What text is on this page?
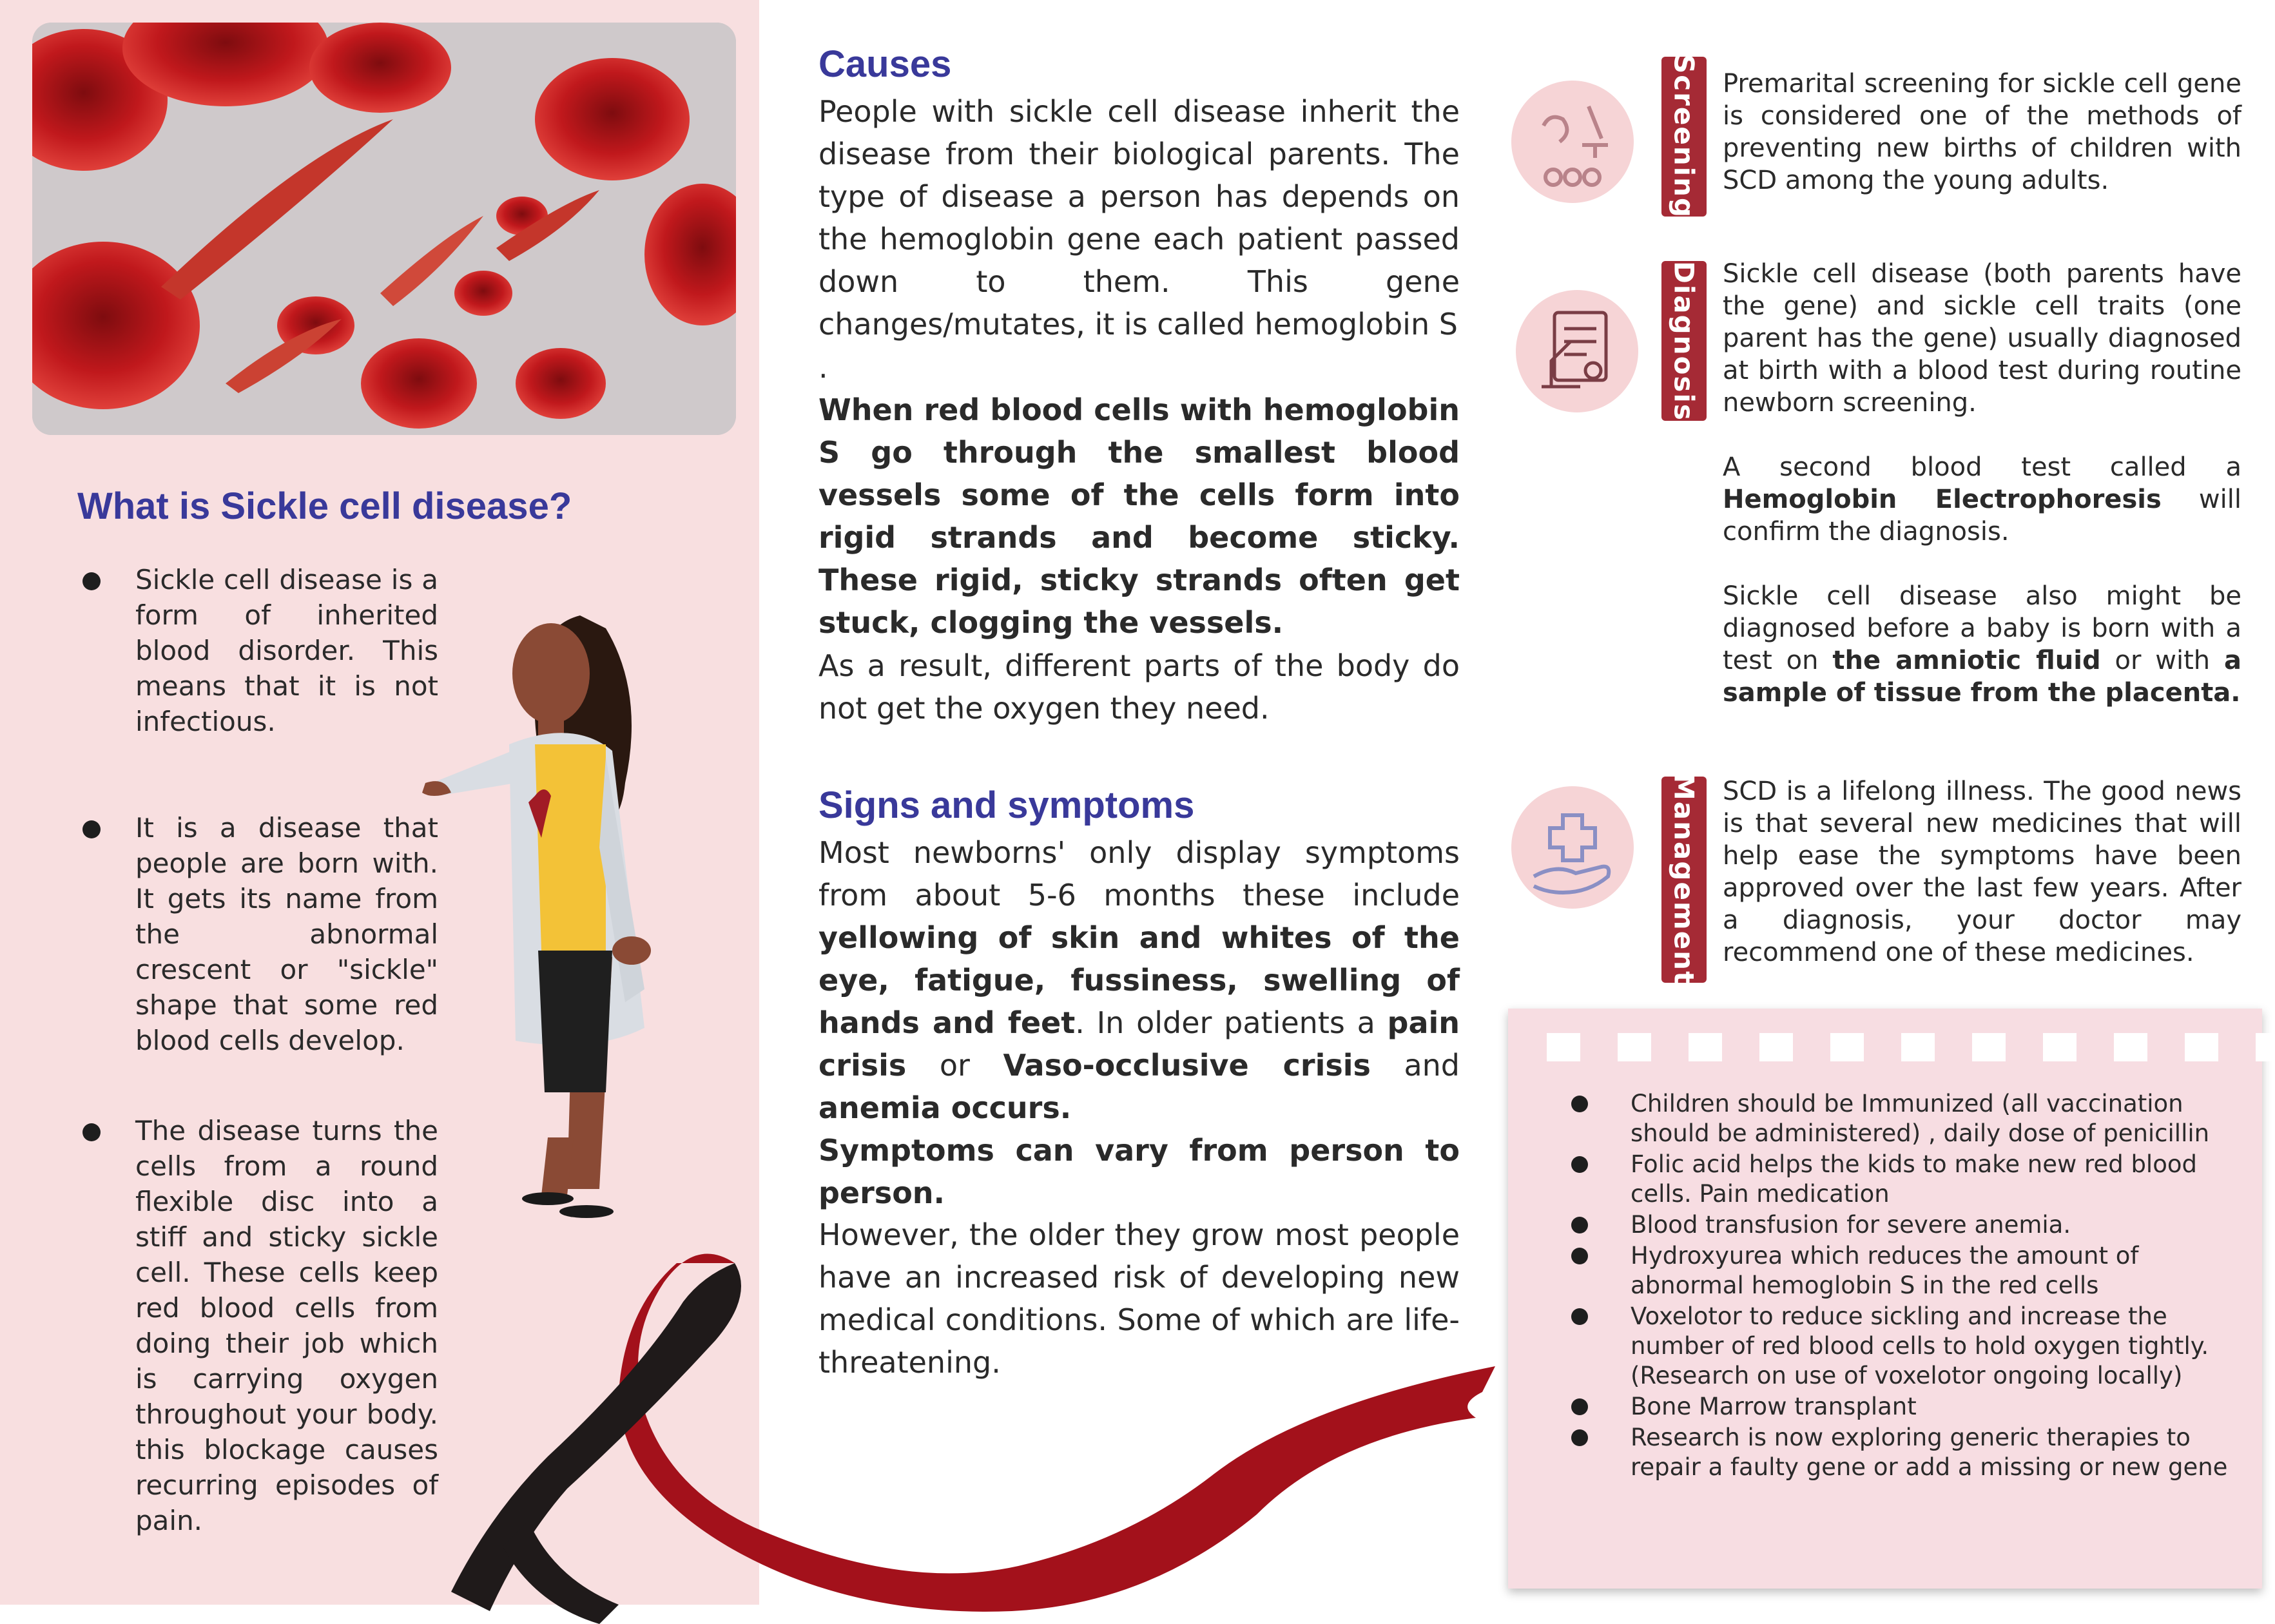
What is Sickle cell disease?
Sickle cell disease is a form of inherited blood disorder. This means that it is not infectious.
It is a disease that people are born with. It gets its name from the abnormal crescent or "sickle" shape that some red blood cells develop.
The disease turns the cells from a round flexible disc into a stiff and sticky sickle cell. These cells keep red blood cells from doing their job which is carrying oxygen throughout your body. this blockage causes recurring episodes of pain.
Causes

People with sickle cell disease inherit the disease from their biological parents. The type of disease a person has depends on the hemoglobin gene each patient passed down to them. This gene changes/mutates, it is called hemoglobin S

.

When red blood cells with hemoglobin S go through the smallest blood vessels some of the cells form into rigid strands and become sticky. These rigid, sticky strands often get stuck, clogging the vessels.

As a result, different parts of the body do not get the oxygen they need.

Signs and symptoms

Most newborns' only display symptoms from about 5-6 months these include yellowing of skin and whites of the eye, fatigue, fussiness, swelling of hands and feet. In older patients a pain crisis or Vaso-occlusive crisis and anemia occurs.
Symptoms can vary from person to person.

However, the older they grow most people have an increased risk of developing new medical conditions. Some of which are life-threatening.

Screening Premarital screening for sickle cell gene is considered one of the methods of preventing new births of children with SCD among the young adults.

Diagnosis Sickle cell disease (both parents have the gene) and sickle cell traits (one parent has the gene) usually diagnosed at birth with a blood test during routine newborn screening.

A second blood test called a Hemoglobin Electrophoresis will confirm the diagnosis.

Sickle cell disease also might be diagnosed before a baby is born with a test on the amniotic fluid or with a sample of tissue from the placenta.

Management SCD is a lifelong illness. The good news is that several new medicines that will help ease the symptoms have been approved over the last few years. After a diagnosis, your doctor may recommend one of these medicines.

Children should be Immunized (all vaccination should be administered) , daily dose of penicillin
Folic acid helps the kids to make new red blood cells. Pain medication
Blood transfusion for severe anemia.
Hydroxyurea which reduces the amount of abnormal hemoglobin S in the red cells
Voxelotor to reduce sickling and increase the number of red blood cells to hold oxygen tightly. (Research on use of voxelotor ongoing locally)
Bone Marrow transplant
Research is now exploring generic therapies to repair a faulty gene or add a missing or new gene
